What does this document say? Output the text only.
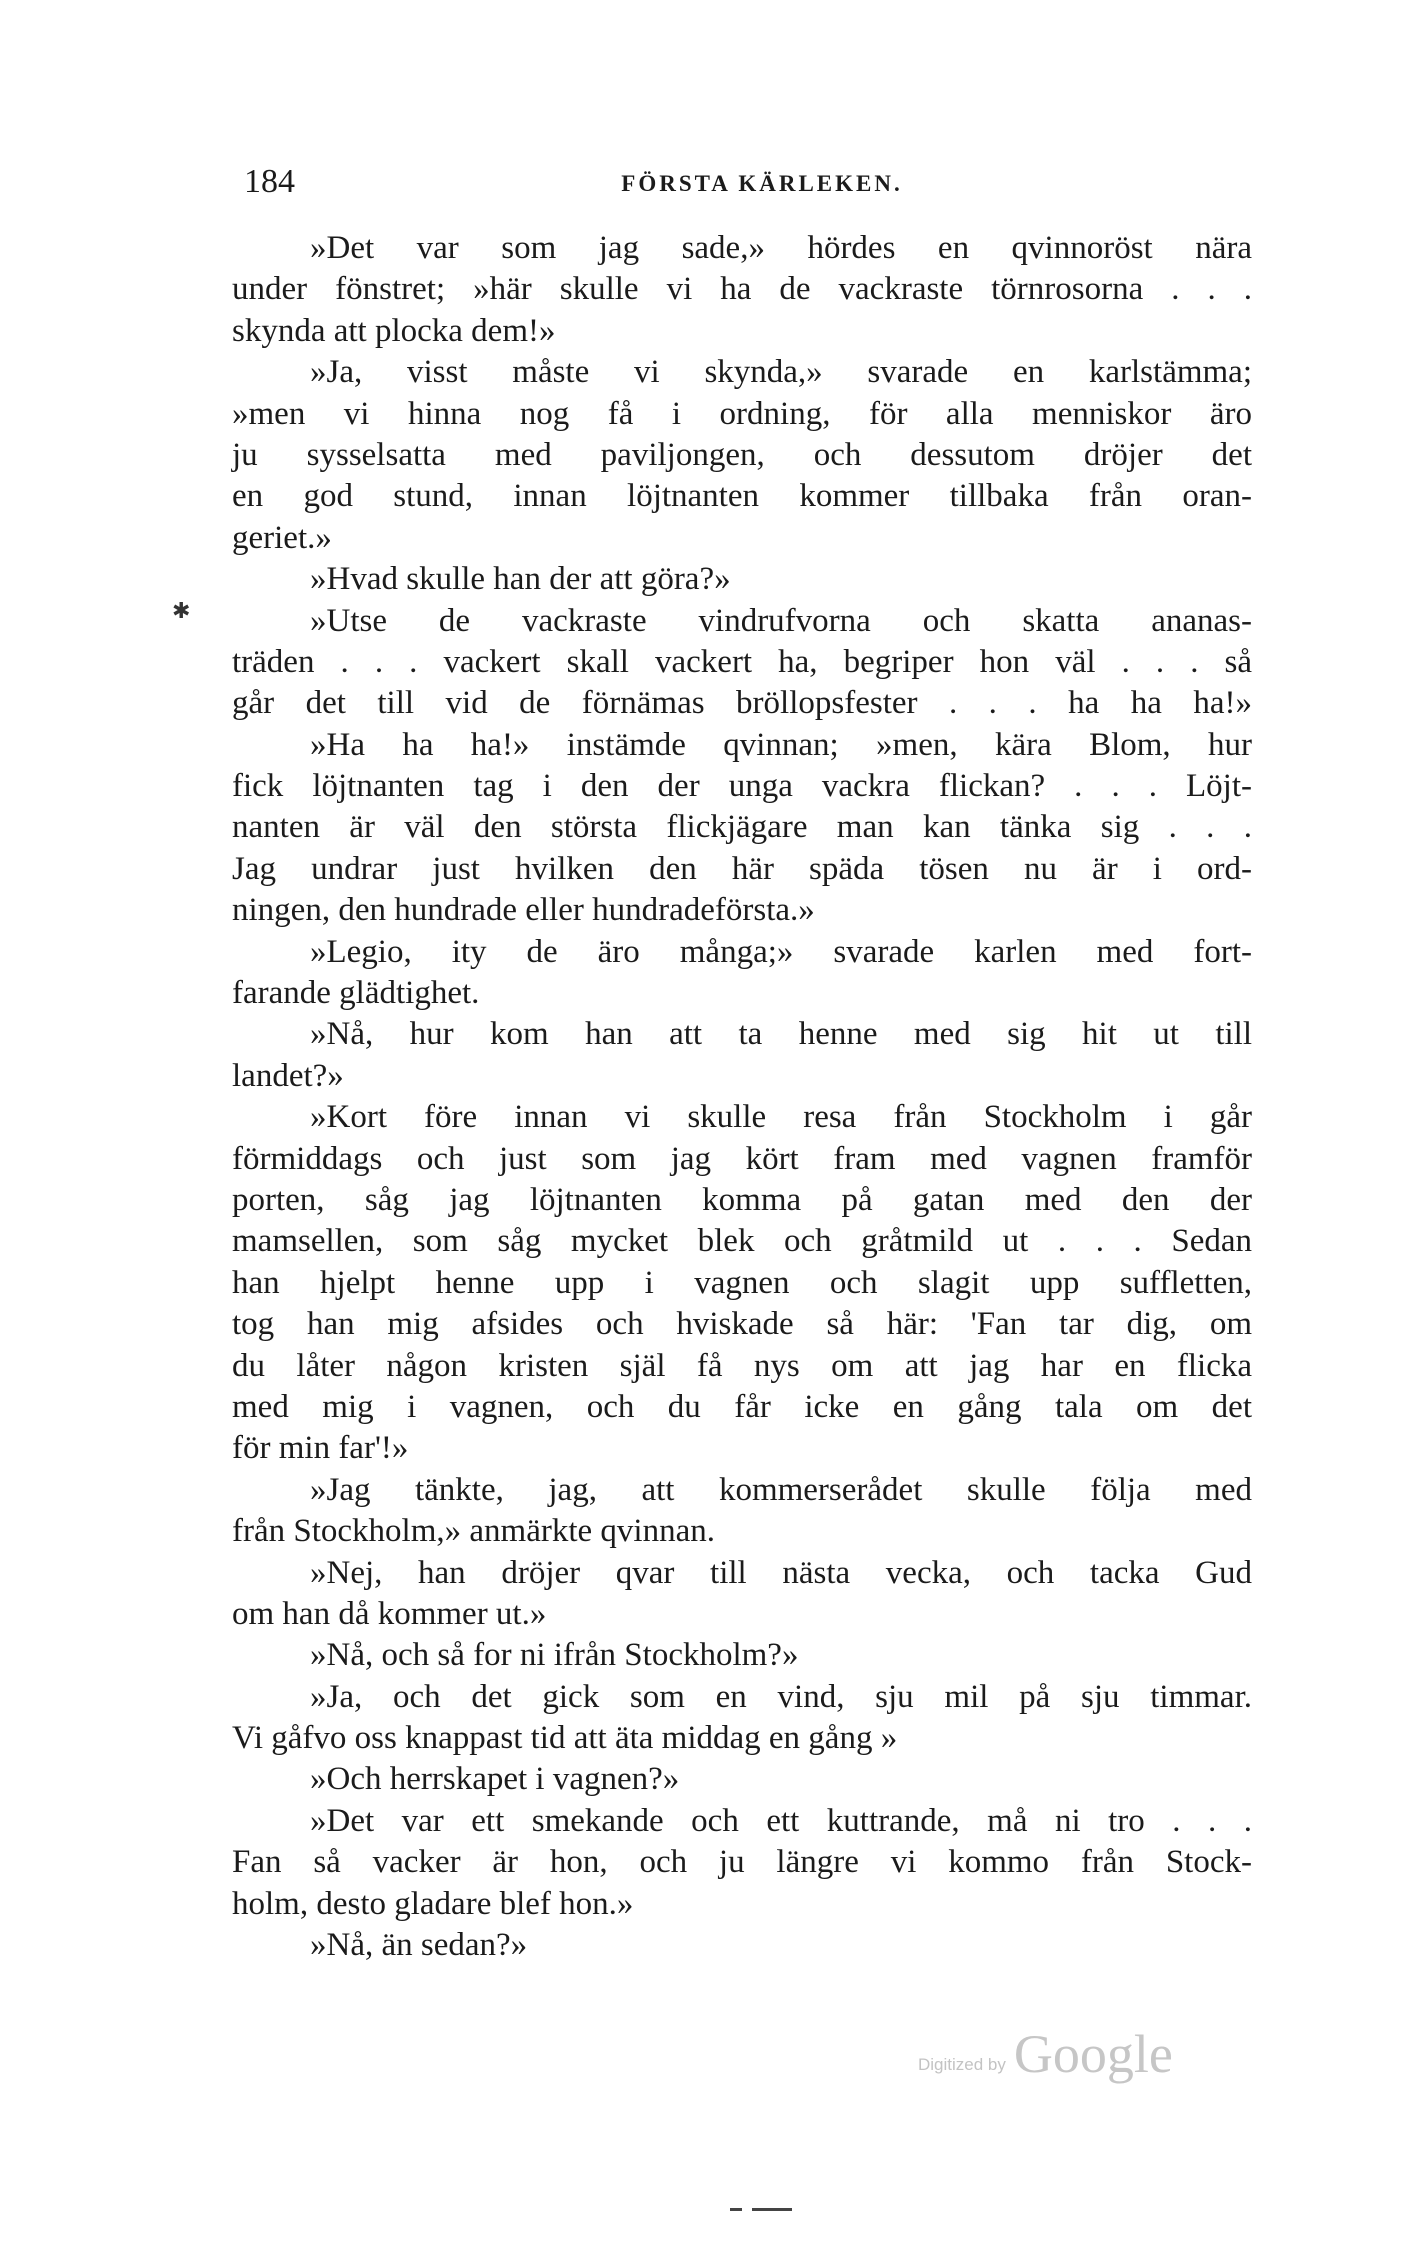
184	FÖRSTA KÄRLEKEN.
✱
»Det var som jag sade,» hördes en qvinnoröst nära
under fönstret; »här skulle vi ha de vackraste törnrosorna . . .
skynda att plocka dem!»
»Ja, visst måste vi skynda,» svarade en karlstämma;
»men vi hinna nog få i ordning, för alla menniskor äro
ju sysselsatta med paviljongen, och dessutom dröjer det
en god stund, innan löjtnanten kommer tillbaka från oran-
geriet.»
»Hvad skulle han der att göra?»
»Utse de vackraste vindrufvorna och skatta ananas-
träden . . . vackert skall vackert ha, begriper hon väl . . . så
går det till vid de förnämas bröllopsfester . . . ha ha ha!»
»Ha ha ha!» instämde qvinnan; »men, kära Blom, hur
fick löjtnanten tag i den der unga vackra flickan? . . . Löjt-
nanten är väl den största flickjägare man kan tänka sig . . .
Jag undrar just hvilken den här späda tösen nu är i ord-
ningen, den hundrade eller hundradeförsta.»
»Legio, ity de äro många;» svarade karlen med fort-
farande glädtighet.
»Nå, hur kom han att ta henne med sig hit ut till
landet?»
»Kort före innan vi skulle resa från Stockholm i går
förmiddags och just som jag kört fram med vagnen framför
porten, såg jag löjtnanten komma på gatan med den der
mamsellen, som såg mycket blek och gråtmild ut . . . Sedan
han hjelpt henne upp i vagnen och slagit upp suffletten,
tog han mig afsides och hviskade så här: 'Fan tar dig, om
du låter någon kristen själ få nys om att jag har en flicka
med mig i vagnen, och du får icke en gång tala om det
för min far'!»
»Jag tänkte, jag, att kommerserådet skulle följa med
från Stockholm,» anmärkte qvinnan.
»Nej, han dröjer qvar till nästa vecka, och tacka Gud
om han då kommer ut.»
»Nå, och så for ni ifrån Stockholm?»
»Ja, och det gick som en vind, sju mil på sju timmar.
Vi gåfvo oss knappast tid att äta middag en gång »
»Och herrskapet i vagnen?»
»Det var ett smekande och ett kuttrande, må ni tro . . .
Fan så vacker är hon, och ju längre vi kommo från Stock-
holm, desto gladare blef hon.»
»Nå, än sedan?»
Digitized by Google
